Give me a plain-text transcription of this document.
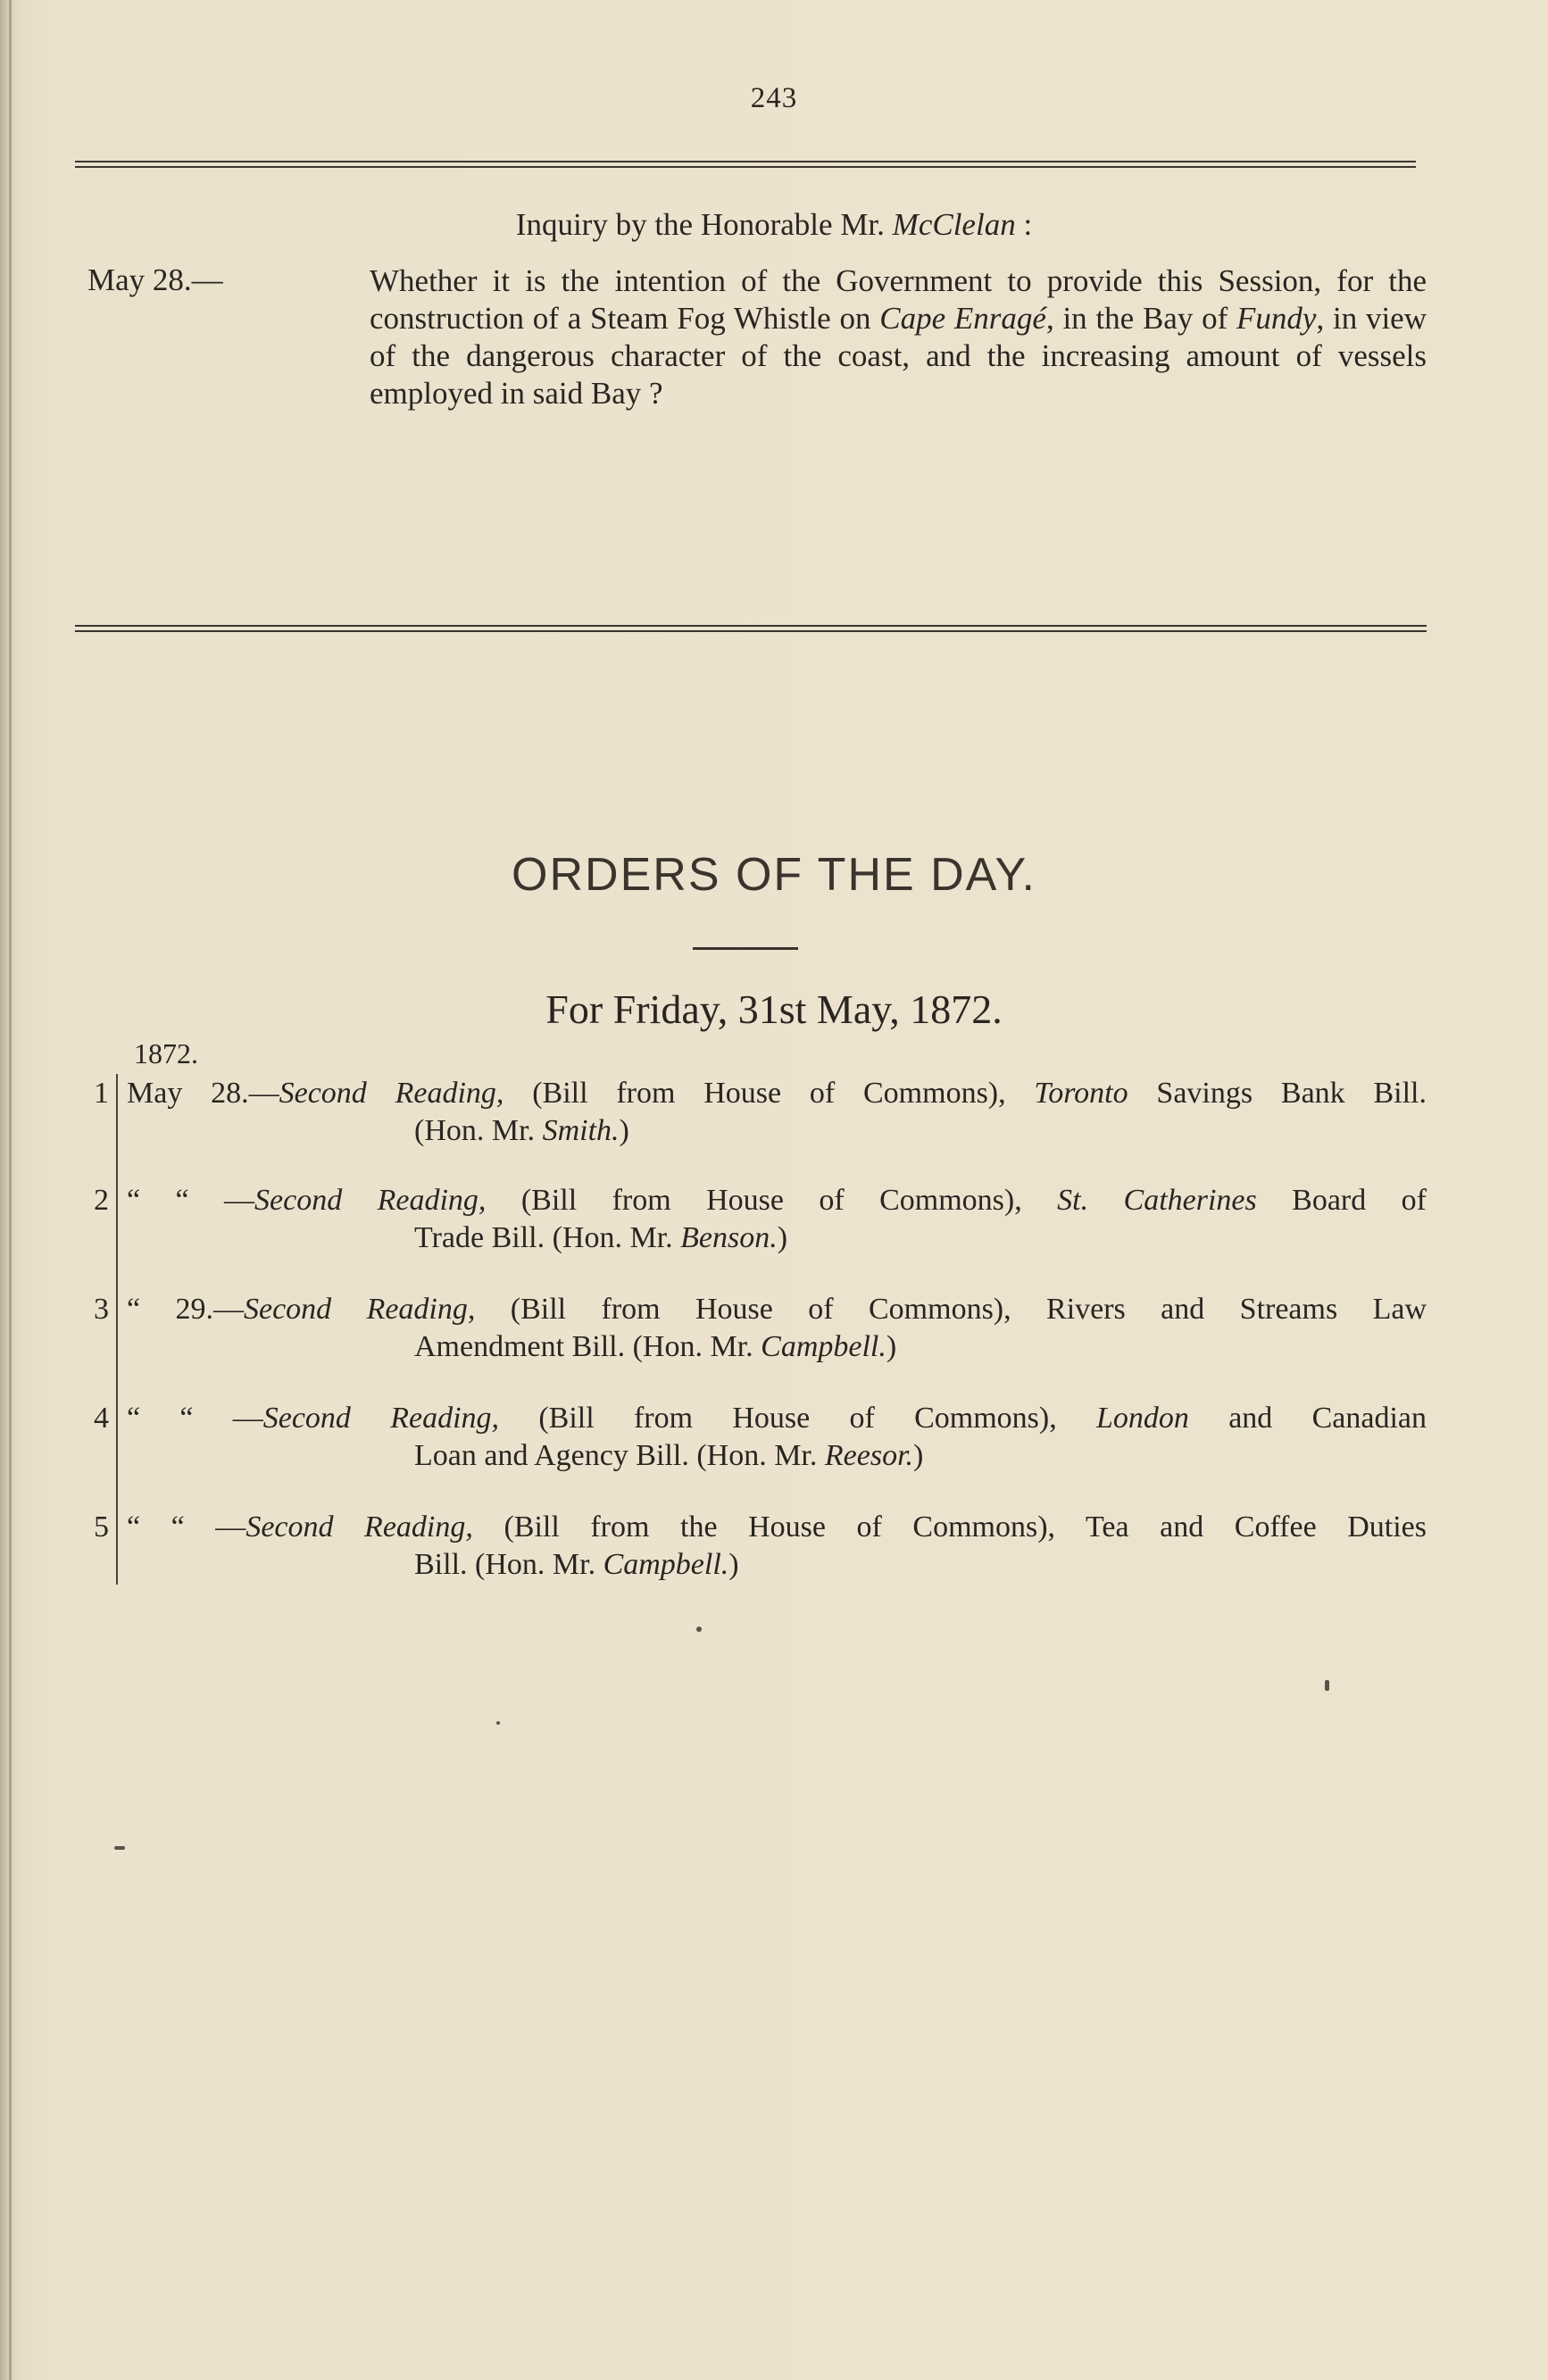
243
Inquiry by the Honorable Mr. McClelan :
May 28.—	Whether it is the intention of the Government to provide this Session, for the construction of a Steam Fog Whistle on Cape Enragé, in the Bay of Fundy, in view of the dangerous character of the coast, and the increasing amount of vessels employed in said Bay ?
ORDERS OF THE DAY.
For Friday, 31st May, 1872.
1872.
1 May 28.—Second Reading, (Bill from House of Commons), Toronto Savings Bank Bill.
(Hon. Mr. Smith.)
2 “ “ —Second Reading, (Bill from House of Commons), St. Catherines Board of
Trade Bill. (Hon. Mr. Benson.)
3 “ 29.—Second Reading, (Bill from House of Commons), Rivers and Streams Law
Amendment Bill. (Hon. Mr. Campbell.)
4 “ “ —Second Reading, (Bill from House of Commons), London and Canadian
Loan and Agency Bill. (Hon. Mr. Reesor.)
5 “ “ —Second Reading, (Bill from the House of Commons), Tea and Coffee Duties
Bill. (Hon. Mr. Campbell.)
